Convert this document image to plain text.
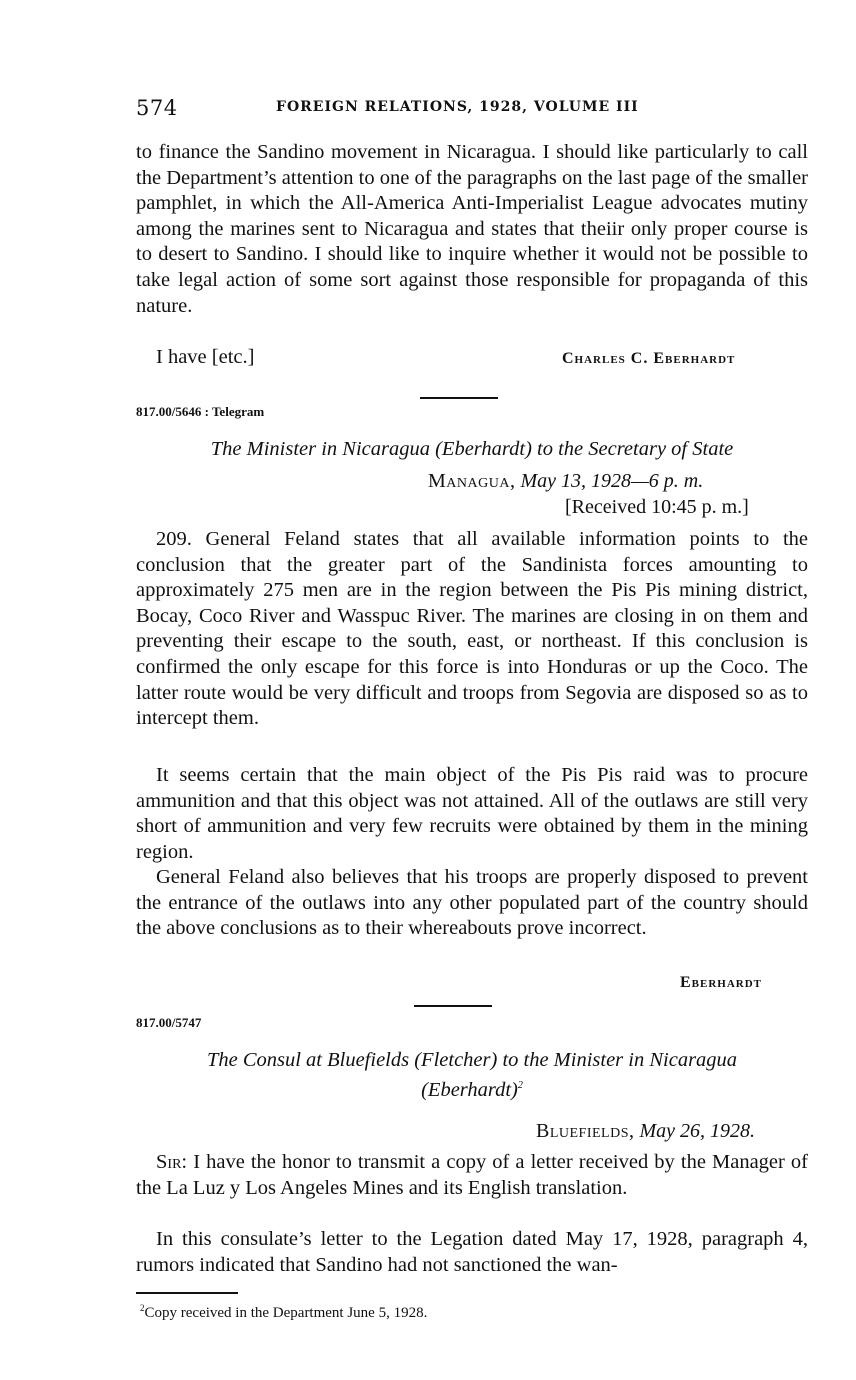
574	FOREIGN RELATIONS, 1928, VOLUME III
to finance the Sandino movement in Nicaragua. I should like particularly to call the Department’s attention to one of the paragraphs on the last page of the smaller pamphlet, in which the All-America Anti-Imperialist League advocates mutiny among the marines sent to Nicaragua and states that theiir only proper course is to desert to Sandino. I should like to inquire whether it would not be possible to take legal action of some sort against those responsible for propaganda of this nature.
I have [etc.]	Charles C. Eberhardt
817.00/5646 : Telegram
The Minister in Nicaragua (Eberhardt) to the Secretary of State
Managua, May 13, 1928—6 p. m.
[Received 10:45 p. m.]
209. General Feland states that all available information points to the conclusion that the greater part of the Sandinista forces amounting to approximately 275 men are in the region between the Pis Pis mining district, Bocay, Coco River and Wasspuc River. The marines are closing in on them and preventing their escape to the south, east, or northeast. If this conclusion is confirmed the only escape for this force is into Honduras or up the Coco. The latter route would be very difficult and troops from Segovia are disposed so as to intercept them.
It seems certain that the main object of the Pis Pis raid was to procure ammunition and that this object was not attained. All of the outlaws are still very short of ammunition and very few recruits were obtained by them in the mining region.
General Feland also believes that his troops are properly disposed to prevent the entrance of the outlaws into any other populated part of the country should the above conclusions as to their whereabouts prove incorrect.
Eberhardt
817.00/5747
The Consul at Bluefields (Fletcher) to the Minister in Nicaragua
(Eberhardt)$^2$
Bluefields, May 26, 1928.
Sir: I have the honor to transmit a copy of a letter received by the Manager of the La Luz y Los Angeles Mines and its English translation.
In this consulate’s letter to the Legation dated May 17, 1928, paragraph 4, rumors indicated that Sandino had not sanctioned the wan-
$^2$Copy received in the Department June 5, 1928.
